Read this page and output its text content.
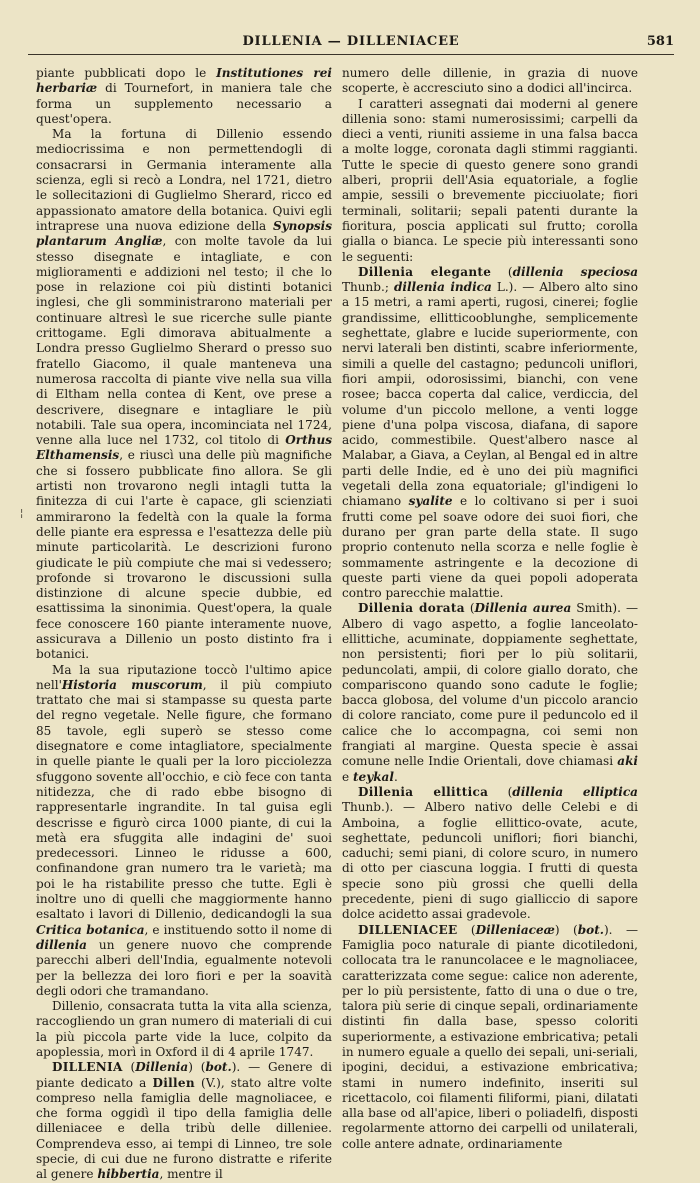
DILLENIA — DILLENIACEE	581
¦

piante pubblicati dopo le Institutiones rei herbariæ di Tournefort, in maniera tale che forma un supplemento necessario a quest'opera.

Ma la fortuna di Dillenio essendo mediocrissima e non permettendogli di consacrarsi in Germania interamente alla scienza, egli si recò a Londra, nel 1721, dietro le sollecitazioni di Guglielmo Sherard, ricco ed appassionato amatore della botanica. Quivi egli intraprese una nuova edizione della Synopsis plantarum Angliæ, con molte tavole da lui stesso disegnate e intagliate, e con miglioramenti e addizioni nel testo; il che lo pose in relazione coi più distinti botanici inglesi, che gli somministrarono materiali per continuare altresì le sue ricerche sulle piante crittogame. Egli dimorava abitualmente a Londra presso Guglielmo Sherard o presso suo fratello Giacomo, il quale manteneva una numerosa raccolta di piante vive nella sua villa di Eltham nella contea di Kent, ove prese a descrivere, disegnare e intagliare le più notabili. Tale sua opera, incominciata nel 1724, venne alla luce nel 1732, col titolo di Orthus Elthamensis, e riuscì una delle più magnifiche che si fossero pubblicate fino allora. Se gli artisti non trovarono negli intagli tutta la finitezza di cui l'arte è capace, gli scienziati ammirarono la fedeltà con la quale la forma delle piante era espressa e l'esattezza delle più minute particolarità. Le descrizioni furono giudicate le più compiute che mai si vedessero; profonde si trovarono le discussioni sulla distinzione di alcune specie dubbie, ed esattissima la sinonimia. Quest'opera, la quale fece conoscere 160 piante interamente nuove, assicurava a Dillenio un posto distinto fra i botanici.

Ma la sua riputazione toccò l'ultimo apice nell'Historia muscorum, il più compiuto trattato che mai si stampasse su questa parte del regno vegetale. Nelle figure, che formano 85 tavole, egli superò se stesso come disegnatore e come intagliatore, specialmente in quelle piante le quali per la loro picciolezza sfuggono sovente all'occhio, e ciò fece con tanta nitidezza, che di rado ebbe bisogno di rappresentarle ingrandite. In tal guisa egli descrisse e figurò circa 1000 piante, di cui la metà era sfuggita alle indagini de' suoi predecessori. Linneo le ridusse a 600, confinandone gran numero tra le varietà; ma poi le ha ristabilite presso che tutte. Egli è inoltre uno di quelli che maggiormente hanno esaltato i lavori di Dillenio, dedicandogli la sua Critica botanica, e instituendo sotto il nome di dillenia un genere nuovo che comprende parecchi alberi dell'India, egualmente notevoli per la bellezza dei loro fiori e per la soavità degli odori che tramandano.

Dillenio, consacrata tutta la vita alla scienza, raccogliendo un gran numero di materiali di cui la più piccola parte vide la luce, colpito da apoplessia, morì in Oxford il di 4 aprile 1747.

DILLENIA (Dillenia) (bot.). — Genere di piante dedicato a Dillen (V.), stato altre volte compreso nella famiglia delle magnoliacee, e che forma oggidì il tipo della famiglia delle dilleniacee e della tribù delle dilleniee. Comprendeva esso, ai tempi di Linneo, tre sole specie, di cui due ne furono distratte e riferite al genere hibbertia, mentre il

numero delle dillenie, in grazia di nuove scoperte, è accresciuto sino a dodici all'incirca.

I caratteri assegnati dai moderni al genere dillenia sono: stami numerosissimi; carpelli da dieci a venti, riuniti assieme in una falsa bacca a molte logge, coronata dagli stimmi raggianti. Tutte le specie di questo genere sono grandi alberi, proprii dell'Asia equatoriale, a foglie ampie, sessili o brevemente picciuolate; fiori terminali, solitarii; sepali patenti durante la fioritura, poscia applicati sul frutto; corolla gialla o bianca. Le specie più interessanti sono le seguenti:

Dillenia elegante (dillenia speciosa Thunb.; dillenia indica L.). — Albero alto sino a 15 metri, a rami aperti, rugosi, cinerei; foglie grandissime, ellitticooblunghe, semplicemente seghettate, glabre e lucide superiormente, con nervi laterali ben distinti, scabre inferiormente, simili a quelle del castagno; peduncoli uniflori, fiori ampii, odorosissimi, bianchi, con vene rosee; bacca coperta dal calice, verdiccia, del volume d'un piccolo mellone, a venti logge piene d'una polpa viscosa, diafana, di sapore acido, commestibile. Quest'albero nasce al Malabar, a Giava, a Ceylan, al Bengal ed in altre parti delle Indie, ed è uno dei più magnifici vegetali della zona equatoriale; gl'indigeni lo chiamano syalite e lo coltivano si per i suoi frutti come pel soave odore dei suoi fiori, che durano per gran parte della state. Il sugo proprio contenuto nella scorza e nelle foglie è sommamente astringente e la decozione di queste parti viene da quei popoli adoperata contro parecchie malattie.

Dillenia dorata (Dillenia aurea Smith). — Albero di vago aspetto, a foglie lanceolato-ellittiche, acuminate, doppiamente seghettate, non persistenti; fiori per lo più solitarii, peduncolati, ampii, di colore giallo dorato, che compariscono quando sono cadute le foglie; bacca globosa, del volume d'un piccolo arancio di colore ranciato, come pure il peduncolo ed il calice che lo accompagna, coi semi non frangiati al margine. Questa specie è assai comune nelle Indie Orientali, dove chiamasi aki e teykal.

Dillenia ellittica (dillenia elliptica Thunb.). — Albero nativo delle Celebi e di Amboina, a foglie ellittico-ovate, acute, seghettate, peduncoli uniflori; fiori bianchi, caduchi; semi piani, di colore scuro, in numero di otto per ciascuna loggia. I frutti di questa specie sono più grossi che quelli della precedente, pieni di sugo gialliccio di sapore dolce acidetto assai gradevole.

DILLENIACEE (Dilleniaceæ) (bot.). — Famiglia poco naturale di piante dicotiledoni, collocata tra le ranuncolacee e le magnoliacee, caratterizzata come segue: calice non aderente, per lo più persistente, fatto di una o due o tre, talora più serie di cinque sepali, ordinariamente distinti fin dalla base, spesso coloriti superiormente, a estivazione embricativa; petali in numero eguale a quello dei sepali, uni-seriali, ipogini, decidui, a estivazione embricativa; stami in numero indefinito, inseriti sul ricettacolo, coi filamenti filiformi, piani, dilatati alla base od all'apice, liberi o poliadelfi, disposti regolarmente attorno dei carpelli od unilaterali, colle antere adnate, ordinariamente
